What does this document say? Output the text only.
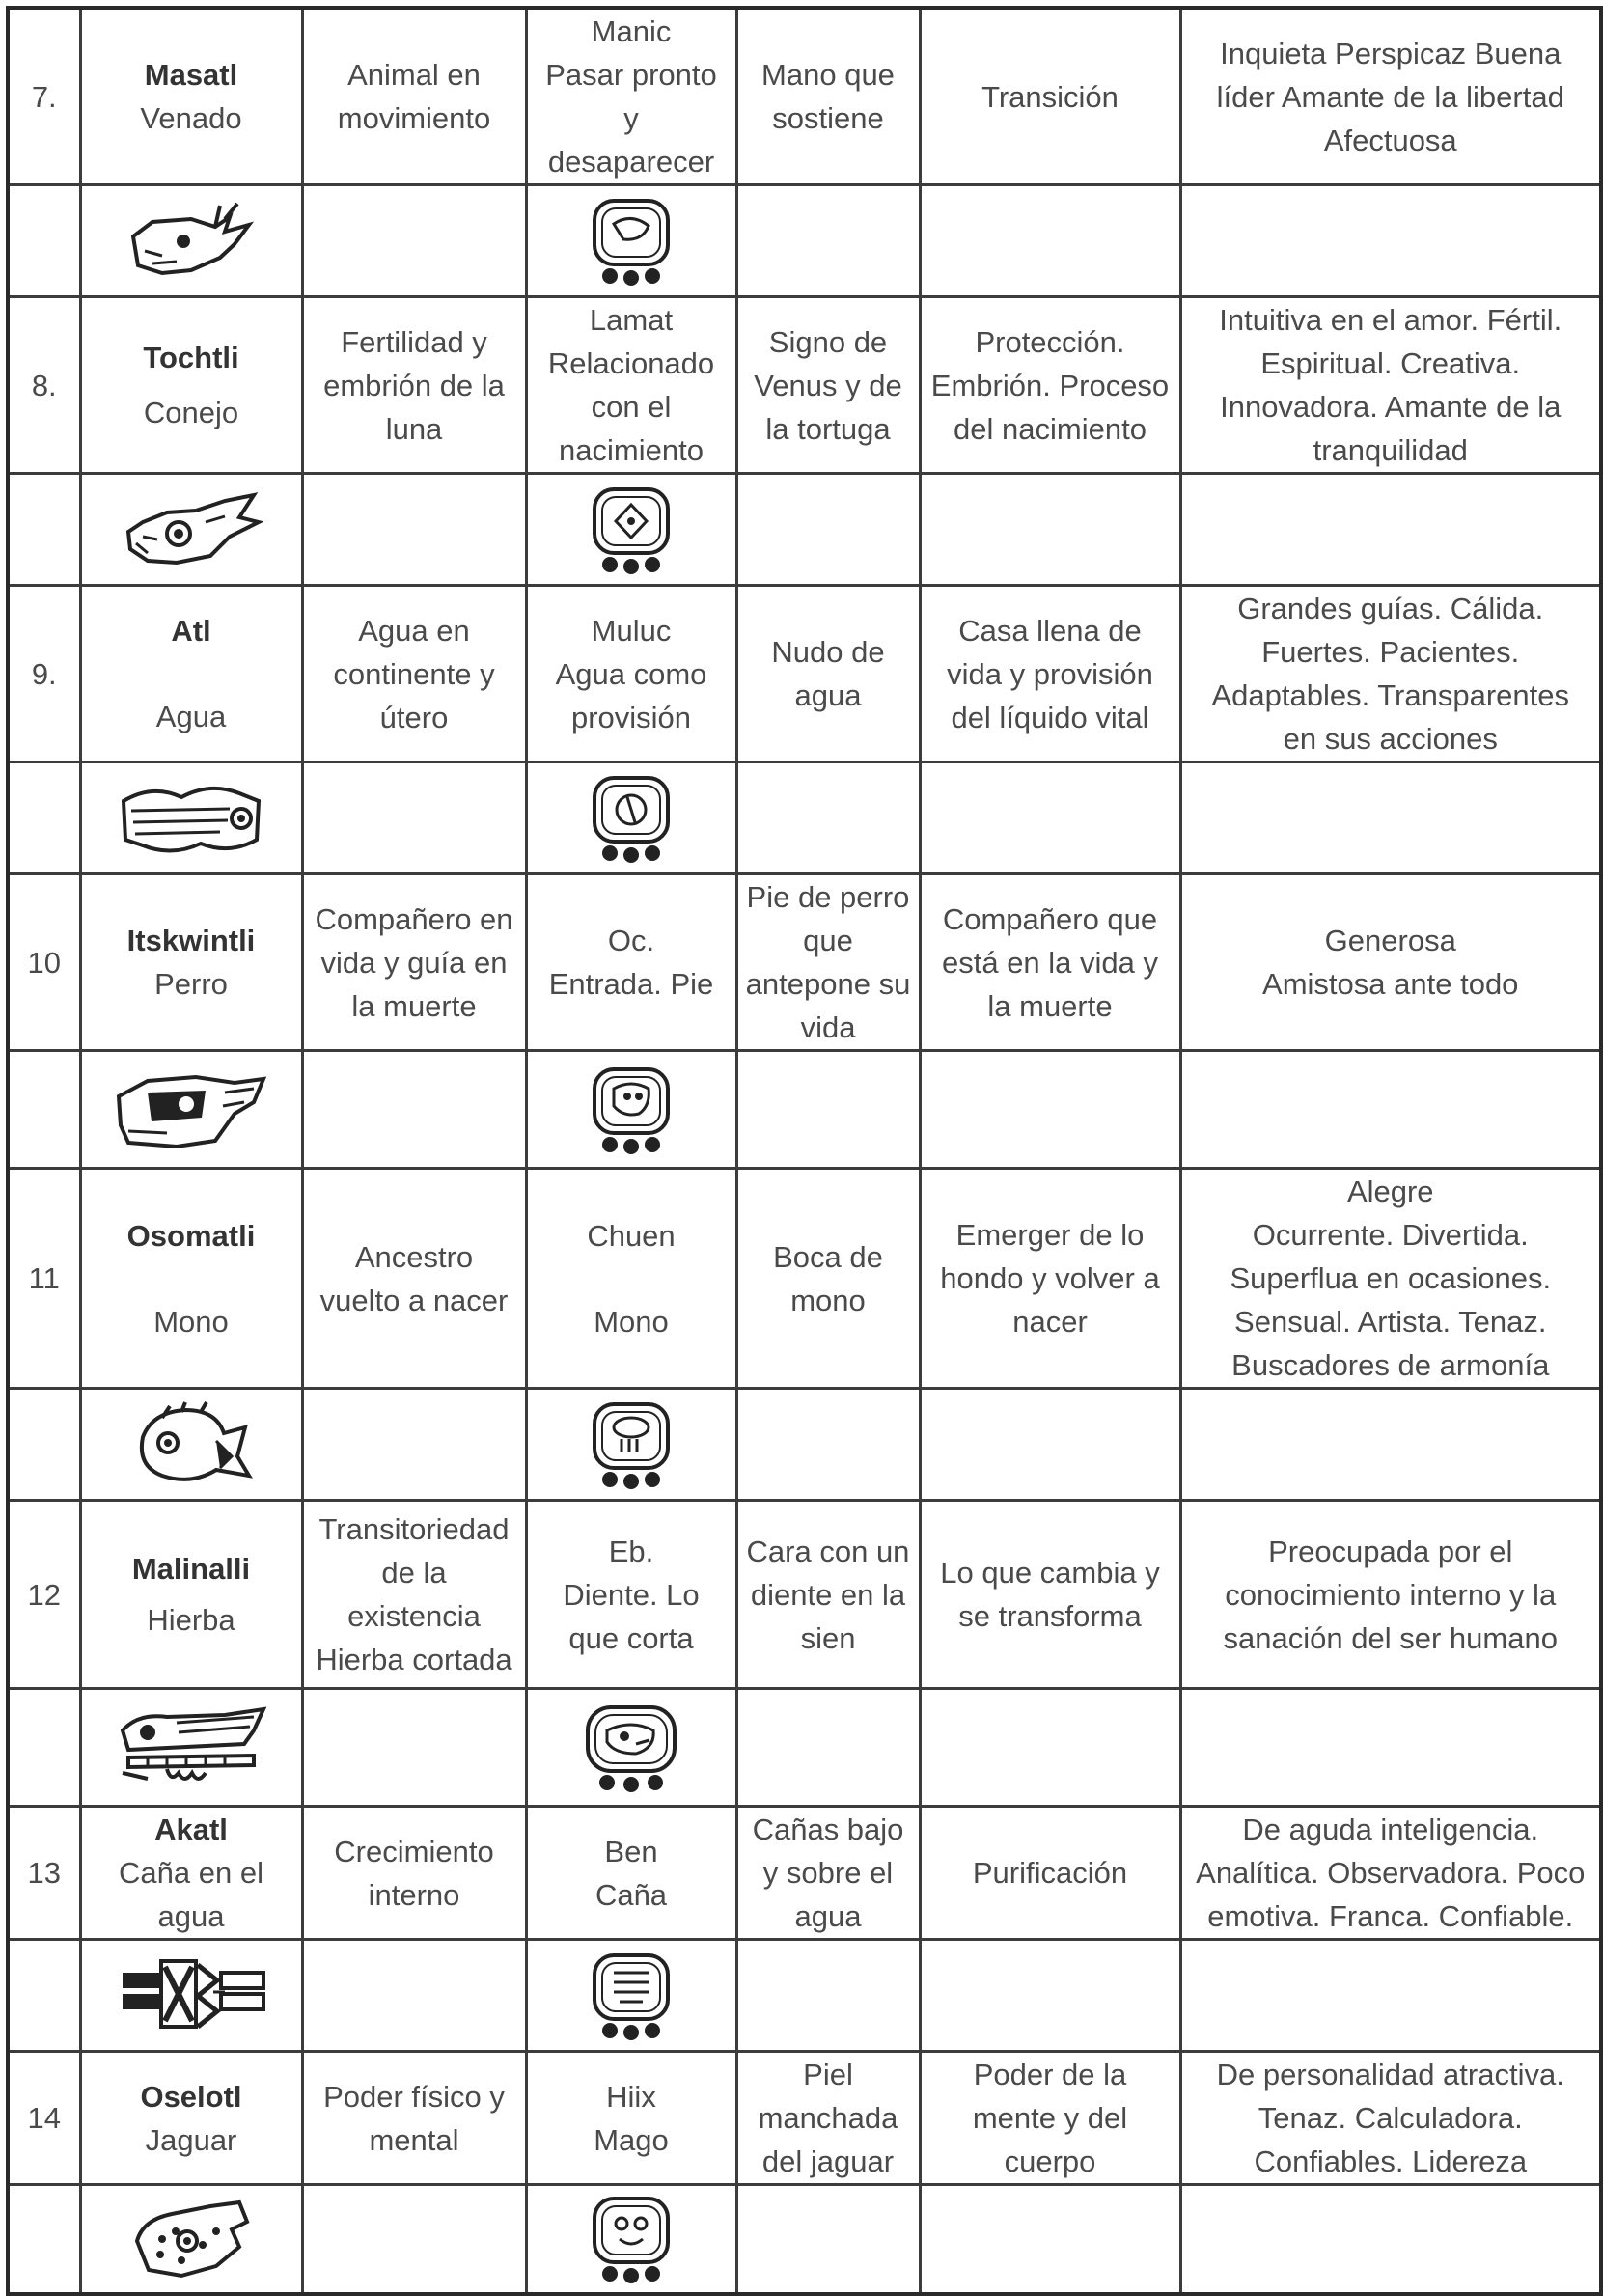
7.	Masatl
Venado	Animal en movimiento	Manic
Pasar pronto
y
desaparecer	Mano que sostiene	Transición	Inquieta Perspicaz Buena
líder Amante de la libertad
Afectuosa

8.	Tochtli
Conejo	Fertilidad y embrión de la luna	Lamat
Relacionado
con el
nacimiento	Signo de Venus y de la tortuga	Protección. Embrión. Proceso del nacimiento	Intuitiva en el amor. Fértil.
Espiritual. Creativa.
Innovadora. Amante de la
tranquilidad

9.	Atl
Agua	Agua en continente y útero	Muluc
Agua como
provisión	Nudo de agua	Casa llena de vida y provisión del líquido vital	Grandes guías. Cálida.
Fuertes. Pacientes.
Adaptables. Transparentes
en sus acciones

10	Itskwintli
Perro	Compañero en vida y guía en la muerte	Oc.
Entrada. Pie	Pie de perro que antepone su vida	Compañero que está en la vida y la muerte	Generosa
Amistosa ante todo

11	Osomatli
Mono	Ancestro vuelto a nacer	Chuen
Mono	Boca de mono	Emerger de lo hondo y volver a nacer	Alegre
Ocurrente. Divertida.
Superflua en ocasiones.
Sensual. Artista. Tenaz.
Buscadores de armonía

12	Malinalli
Hierba	Transitoriedad de la existencia Hierba cortada	Eb.
Diente. Lo
que corta	Cara con un diente en la sien	Lo que cambia y se transforma	Preocupada por el
conocimiento interno y la
sanación del ser humano

13	Akatl
Caña en el agua	Crecimiento interno	Ben
Caña	Cañas bajo y sobre el agua	Purificación	De aguda inteligencia.
Analítica. Observadora. Poco
emotiva. Franca. Confiable.

14	Oselotl
Jaguar	Poder físico y mental	Hiix
Mago	Piel manchada del jaguar	Poder de la mente y del cuerpo	De personalidad atractiva.
Tenaz. Calculadora.
Confiables. Lidereza
